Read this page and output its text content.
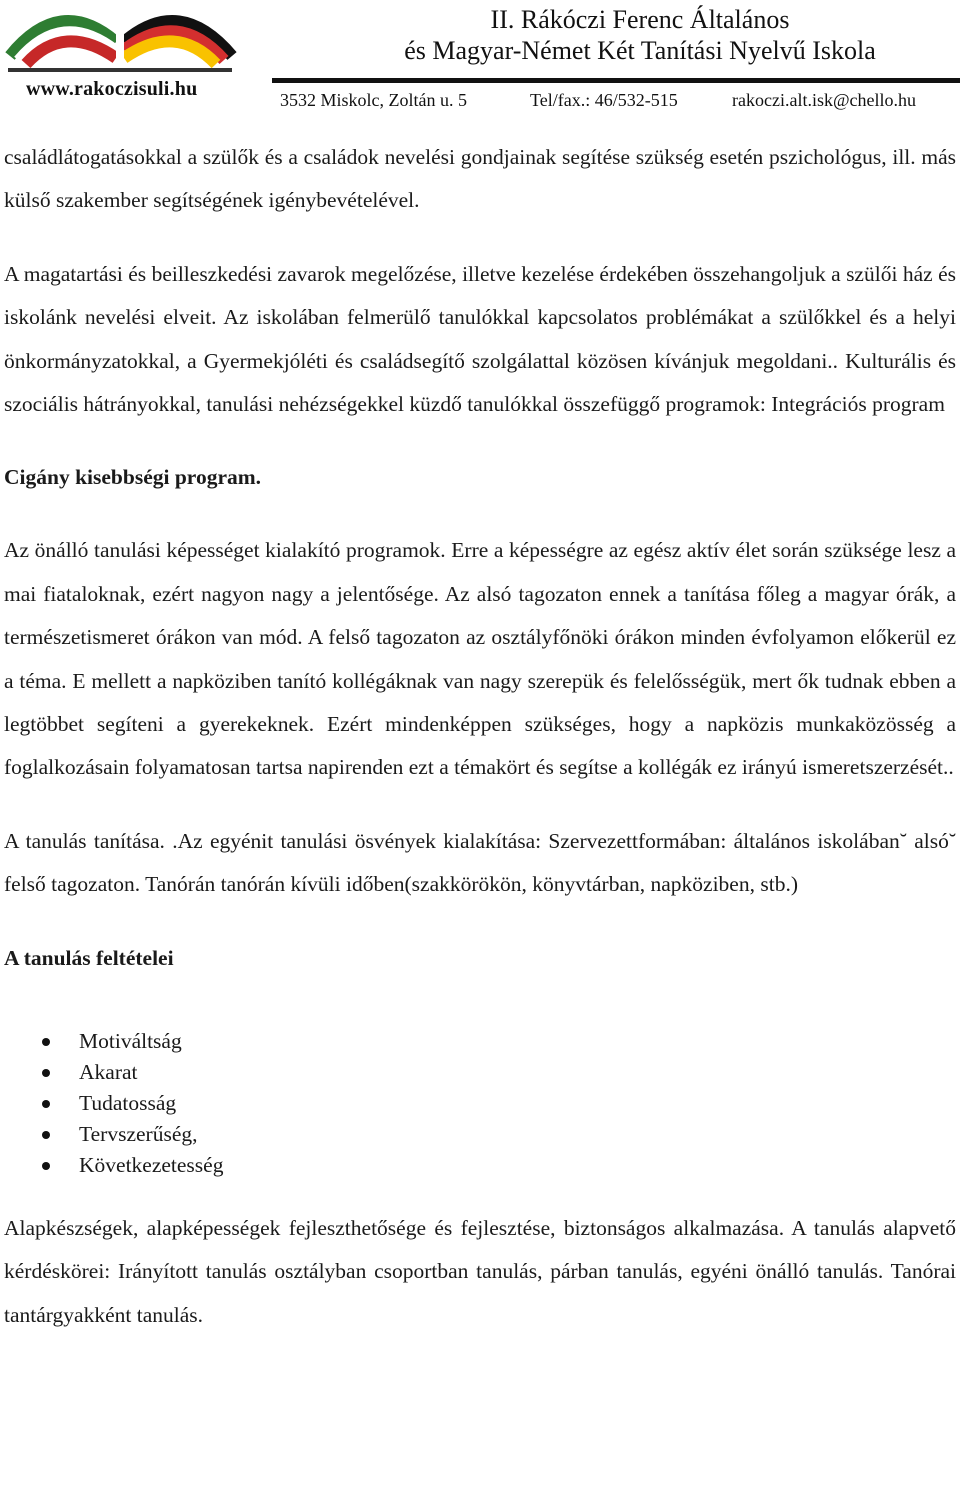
www.rakoczisuli.hu
II. Rákóczi Ferenc Általános
és Magyar-Német Két Tanítási Nyelvű Iskola
3532 Miskolc, Zoltán u. 5	Tel/fax.: 46/532-515	rakoczi.alt.isk@chello.hu

családlátogatásokkal a szülők és a családok nevelési gondjainak segítése szükség esetén pszichológus, ill. más külső szakember segítségének igénybevételével.

A magatartási és beilleszkedési zavarok megelőzése, illetve kezelése érdekében összehangoljuk a szülői ház és iskolánk nevelési elveit. Az iskolában felmerülő tanulókkal kapcsolatos problémákat a szülőkkel és a helyi önkormányzatokkal, a Gyermekjóléti és családsegítő szolgálattal közösen kívánjuk megoldani.. Kulturális és szociális hátrányokkal, tanulási nehézségekkel küzdő tanulókkal összefüggő programok: Integrációs program

Cigány kisebbségi program.

Az önálló tanulási képességet kialakító programok. Erre a képességre az egész aktív élet során szüksége lesz a mai fiataloknak, ezért nagyon nagy a jelentősége. Az alsó tagozaton ennek a tanítása főleg a magyar órák, a természetismeret órákon van mód. A felső tagozaton az osztályfőnöki órákon minden évfolyamon előkerül ez a téma. E mellett a napköziben tanító kollégáknak van nagy szerepük és felelősségük, mert ők tudnak ebben a legtöbbet segíteni a gyerekeknek. Ezért mindenképpen szükséges, hogy a napközis munkaközösség a foglalkozásain folyamatosan tartsa napirenden ezt a témakört és segítse a kollégák ez irányú ismeretszerzését..

A tanulás tanítása. .Az egyénit tanulási ösvények kialakítása: Szervezettformában: általános iskolában˘ alsó˘ felső tagozaton. Tanórán tanórán kívüli időben(szakkörökön, könyvtárban, napköziben, stb.)

A tanulás feltételei
Motiváltság
Akarat
Tudatosság
Tervszerűség,
Következetesség

Alapkészségek, alapképességek fejleszthetősége és fejlesztése, biztonságos alkalmazása. A tanulás alapvető kérdéskörei: Irányított tanulás osztályban csoportban tanulás, párban tanulás, egyéni önálló tanulás. Tanórai tantárgyakként tanulás.
